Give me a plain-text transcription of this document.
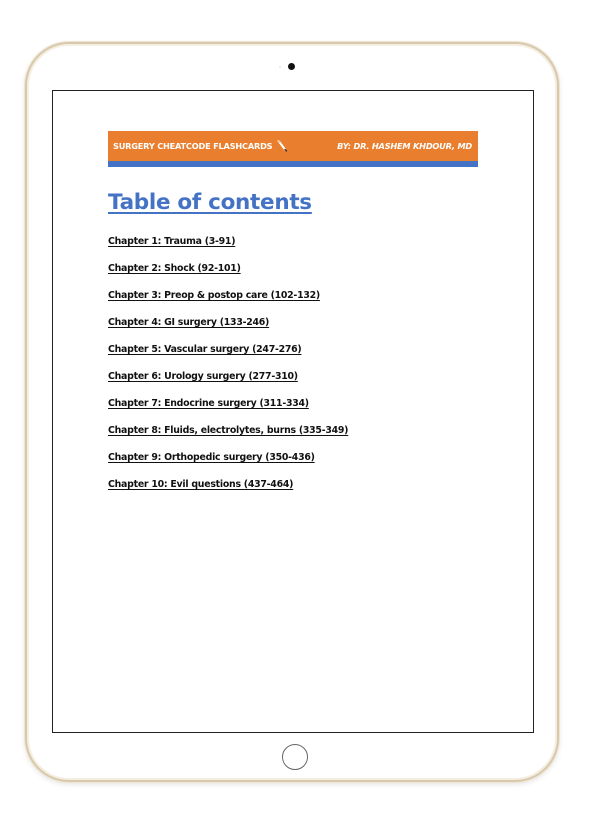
SURGERY CHEATCODE FLASHCARDS	BY: DR. HASHEM KHDOUR, MD
Table of contents
Chapter 1: Trauma (3-91)
Chapter 2: Shock (92-101)
Chapter 3: Preop & postop care (102-132)
Chapter 4: GI surgery (133-246)
Chapter 5: Vascular surgery (247-276)
Chapter 6: Urology surgery (277-310)
Chapter 7: Endocrine surgery (311-334)
Chapter 8: Fluids, electrolytes, burns (335-349)
Chapter 9: Orthopedic surgery (350-436)
Chapter 10: Evil questions (437-464)
